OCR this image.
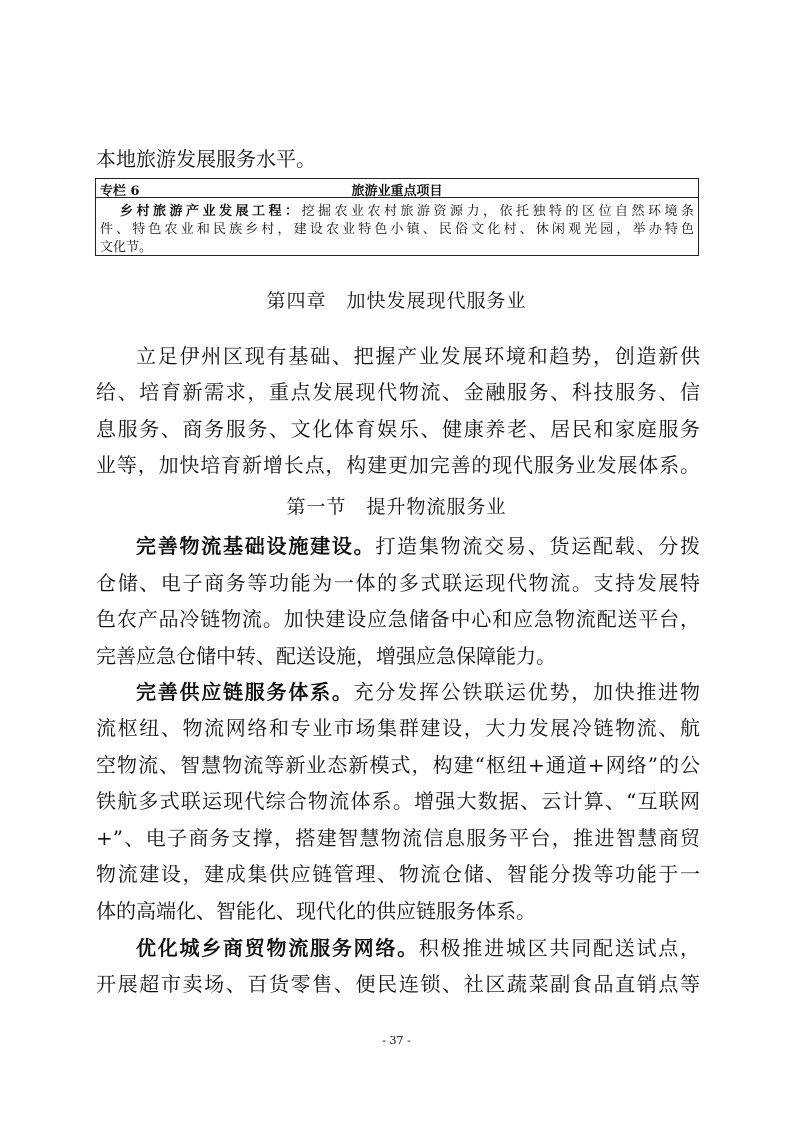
本地旅游发展服务水平。
专栏 6	旅游业重点项目
乡村旅游产业发展工程：挖掘农业农村旅游资源力，依托独特的区位自然环境条
件、特色农业和民族乡村，建设农业特色小镇、民俗文化村、休闲观光园，举办特色
文化节。
第四章　加快发展现代服务业
立足伊州区现有基础、把握产业发展环境和趋势，创造新供
给、培育新需求，重点发展现代物流、金融服务、科技服务、信
息服务、商务服务、文化体育娱乐、健康养老、居民和家庭服务
业等，加快培育新增长点，构建更加完善的现代服务业发展体系。
第一节　提升物流服务业
完善物流基础设施建设。打造集物流交易、货运配载、分拨
仓储、电子商务等功能为一体的多式联运现代物流。支持发展特
色农产品冷链物流。加快建设应急储备中心和应急物流配送平台，
完善应急仓储中转、配送设施，增强应急保障能力。
完善供应链服务体系。充分发挥公铁联运优势，加快推进物
流枢纽、物流网络和专业市场集群建设，大力发展冷链物流、航
空物流、智慧物流等新业态新模式，构建“枢纽+通道+网络”的公
铁航多式联运现代综合物流体系。增强大数据、云计算、“互联网
+”、电子商务支撑，搭建智慧物流信息服务平台，推进智慧商贸
物流建设，建成集供应链管理、物流仓储、智能分拨等功能于一
体的高端化、智能化、现代化的供应链服务体系。
优化城乡商贸物流服务网络。积极推进城区共同配送试点，
开展超市卖场、百货零售、便民连锁、社区蔬菜副食品直销点等
- 37 -
